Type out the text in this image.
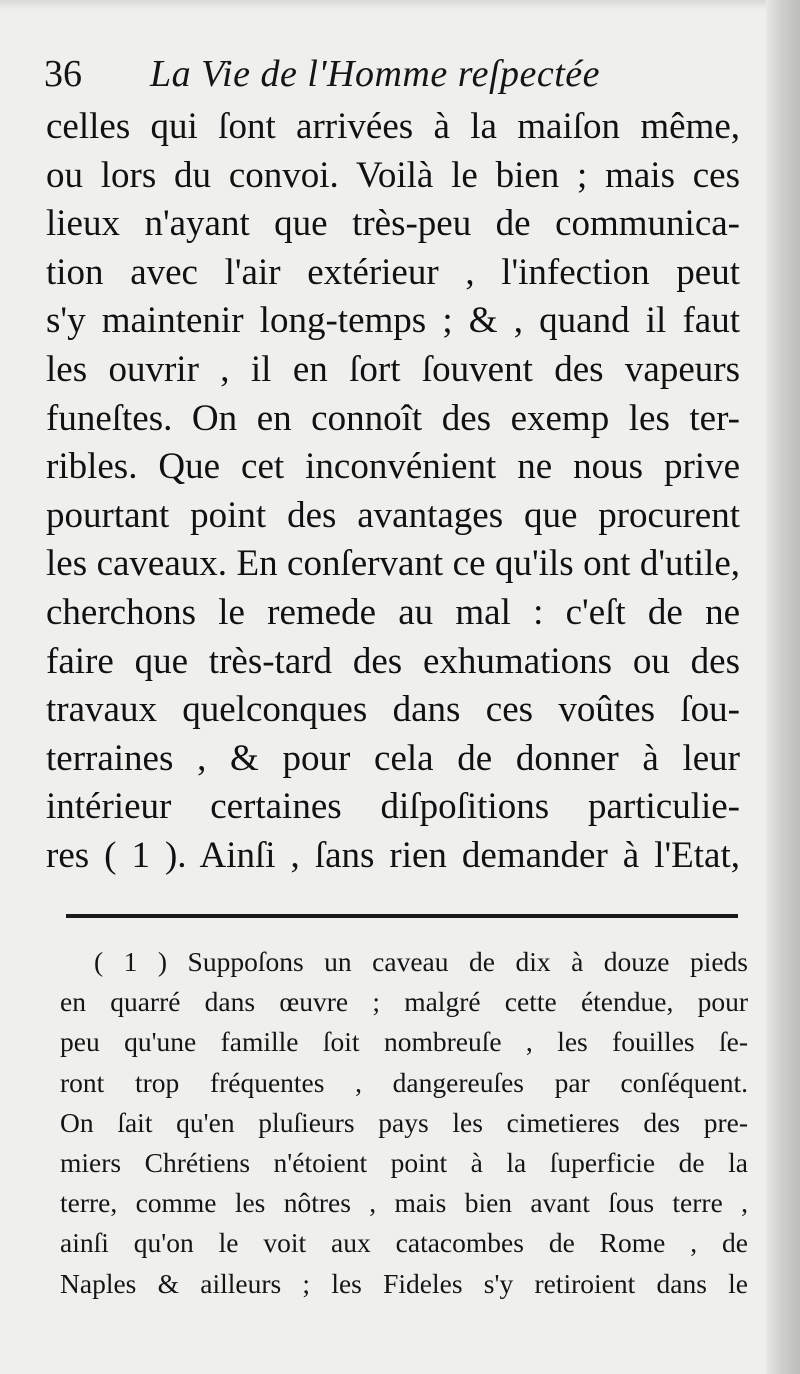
36 La Vie de l'Homme reſpectée
celles qui ſont arrivées à la maiſon même,
ou lors du convoi. Voilà le bien ; mais ces
lieux n'ayant que très-peu de communica-
tion avec l'air extérieur , l'infection peut
s'y maintenir long-temps ; & , quand il faut
les ouvrir , il en ſort ſouvent des vapeurs
funeſtes. On en connoît des exemp les ter-
ribles. Que cet inconvénient ne nous prive
pourtant point des avantages que procurent
les caveaux. En conſervant ce qu'ils ont d'utile,
cherchons le remede au mal : c'eſt de ne
faire que très-tard des exhumations ou des
travaux quelconques dans ces voûtes ſou-
terraines , & pour cela de donner à leur
intérieur certaines diſpoſitions particulie-
res ( 1 ). Ainſi , ſans rien demander à l'Etat,
( 1 ) Suppoſons un caveau de dix à douze pieds
en quarré dans œuvre ; malgré cette étendue, pour
peu qu'une famille ſoit nombreuſe , les fouilles ſe-
ront trop fréquentes , dangereuſes par conſéquent.
On ſait qu'en pluſieurs pays les cimetieres des pre-
miers Chrétiens n'étoient point à la ſuperficie de la
terre, comme les nôtres , mais bien avant ſous terre ,
ainſi qu'on le voit aux catacombes de Rome , de
Naples & ailleurs ; les Fideles s'y retiroient dans le
